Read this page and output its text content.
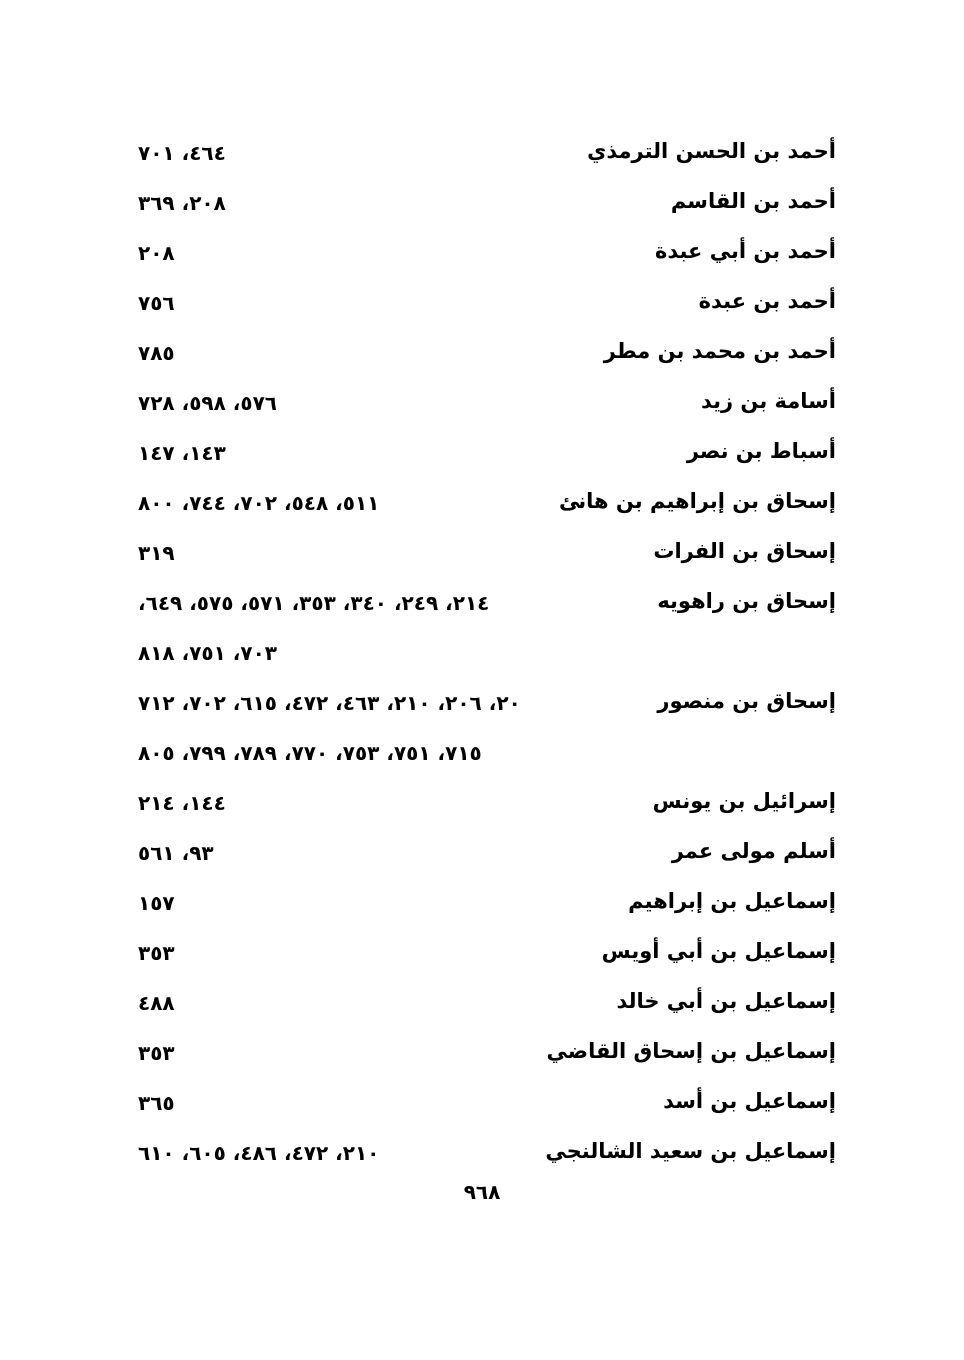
أحمد بن الحسن الترمذي
٤٦٤، ٧٠١
أحمد بن القاسم
٢٠٨، ٣٦٩
أحمد بن أبي عبدة
٢٠٨
أحمد بن عبدة
٧٥٦
أحمد بن محمد بن مطر
٧٨٥
أسامة بن زيد
٥٧٦، ٥٩٨، ٧٢٨
أسباط بن نصر
١٤٣، ١٤٧
إسحاق بن إبراهيم بن هانئ
٥١١، ٥٤٨، ٧٠٢، ٧٤٤، ٨٠٠
إسحاق بن الفرات
٣١٩
إسحاق بن راهويه
٢١٤، ٢٤٩، ٣٤٠، ٣٥٣، ٥٧١، ٥٧٥، ٦٤٩،
٧٠٣، ٧٥١، ٨١٨
إسحاق بن منصور
٢٠، ٢٠٦، ٢١٠، ٤٦٣، ٤٧٢، ٦١٥، ٧٠٢، ٧١٢
٧١٥، ٧٥١، ٧٥٣، ٧٧٠، ٧٨٩، ٧٩٩، ٨٠٥
إسرائيل بن يونس
١٤٤، ٢١٤
أسلم مولى عمر
٩٣، ٥٦١
إسماعيل بن إبراهيم
١٥٧
إسماعيل بن أبي أويس
٣٥٣
إسماعيل بن أبي خالد
٤٨٨
إسماعيل بن إسحاق القاضي
٣٥٣
إسماعيل بن أسد
٣٦٥
إسماعيل بن سعيد الشالنجي
٢١٠، ٤٧٢، ٤٨٦، ٦٠٥، ٦١٠
٩٦٨
